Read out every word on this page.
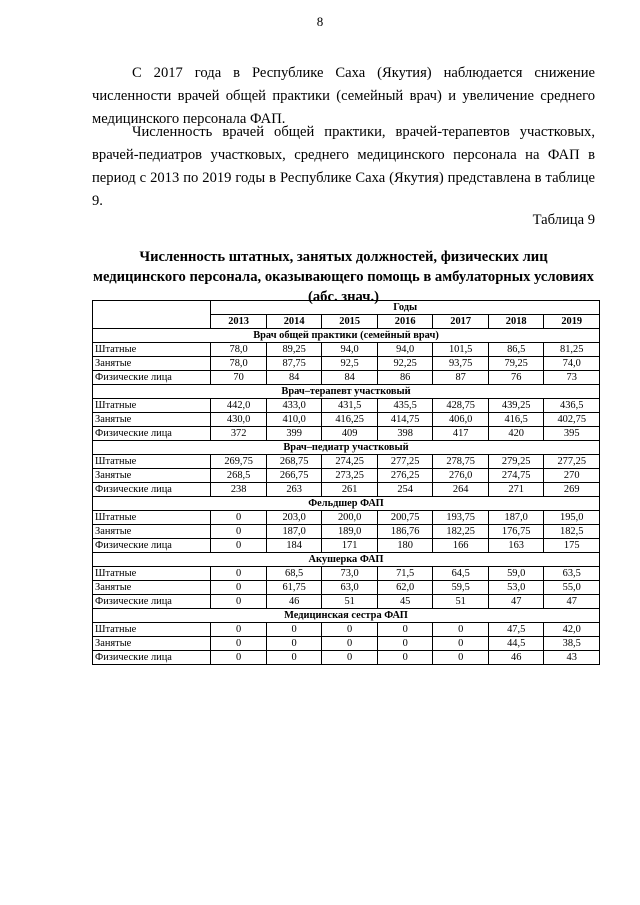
8

С 2017 года в Республике Саха (Якутия) наблюдается снижение численности врачей общей практики (семейный врач) и увеличение среднего медицинского персонала ФАП.

Численность врачей общей практики, врачей-терапевтов участковых, врачей-педиатров участковых, среднего медицинского персонала на ФАП в период с 2013 по 2019 годы в Республике Саха (Якутия) представлена в таблице 9.

Таблица 9

Численность штатных, занятых должностей, физических лиц медицинского персонала, оказывающего помощь в амбулаторных условиях (абс. знач.)

	Годы						
	2013	2014	2015	2016	2017	2018	2019
Врач общей практики (семейный врач)							
Штатные	78,0	89,25	94,0	94,0	101,5	86,5	81,25
Занятые	78,0	87,75	92,5	92,25	93,75	79,25	74,0
Физические лица	70	84	84	86	87	76	73
Врач–терапевт участковый							
Штатные	442,0	433,0	431,5	435,5	428,75	439,25	436,5
Занятые	430,0	410,0	416,25	414,75	406,0	416,5	402,75
Физические лица	372	399	409	398	417	420	395
Врач–педиатр участковый							
Штатные	269,75	268,75	274,25	277,25	278,75	279,25	277,25
Занятые	268,5	266,75	273,25	276,25	276,0	274,75	270
Физические лица	238	263	261	254	264	271	269
Фельдшер ФАП							
Штатные	0	203,0	200,0	200,75	193,75	187,0	195,0
Занятые	0	187,0	189,0	186,76	182,25	176,75	182,5
Физические лица	0	184	171	180	166	163	175
Акушерка ФАП							
Штатные	0	68,5	73,0	71,5	64,5	59,0	63,5
Занятые	0	61,75	63,0	62,0	59,5	53,0	55,0
Физические лица	0	46	51	45	51	47	47
Медицинская сестра ФАП							
Штатные	0	0	0	0	0	47,5	42,0
Занятые	0	0	0	0	0	44,5	38,5
Физические лица	0	0	0	0	0	46	43
